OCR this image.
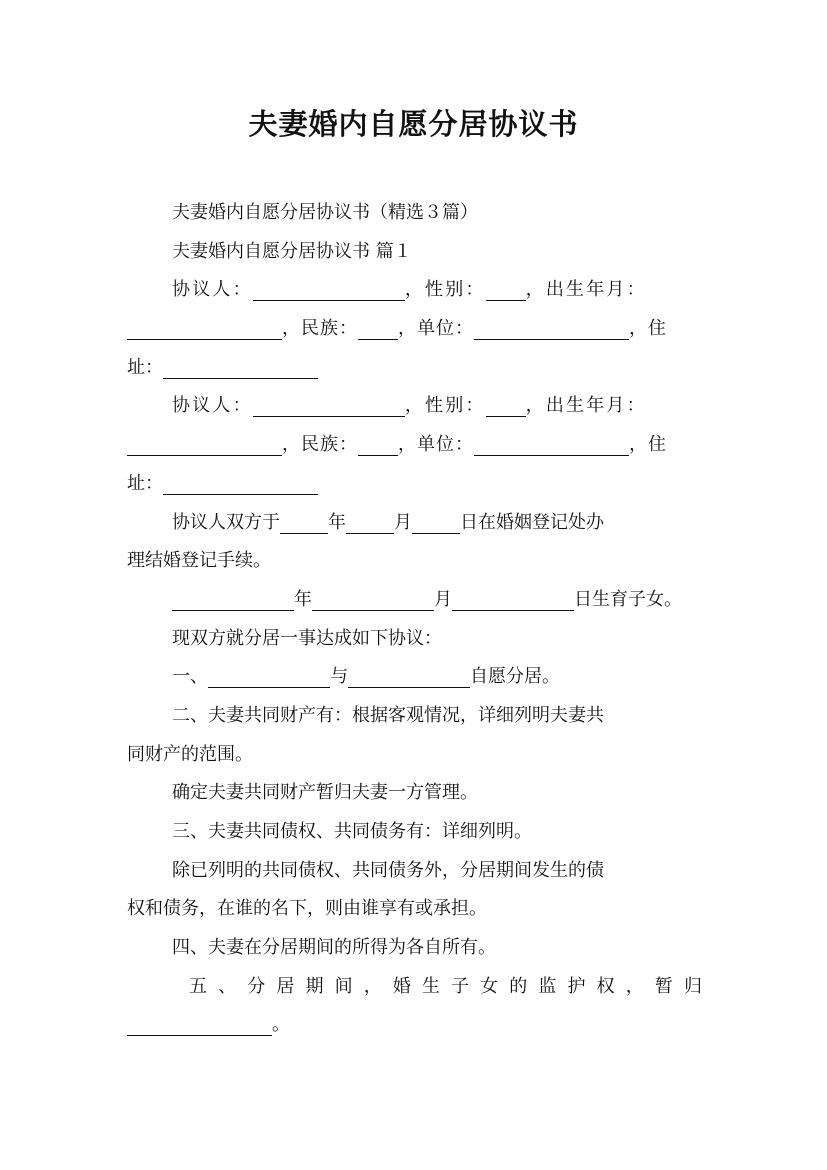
夫妻婚内自愿分居协议书
夫妻婚内自愿分居协议书（精选３篇）
夫妻婚内自愿分居协议书 篇１
协议人：	，性别： ，出生年月：
，民族： ，单位：	，住
址：
协议人：	，性别： ，出生年月：
，民族： ，单位：	，住
址：
协议人双方于	年	月	日在婚姻登记处办
理结婚登记手续。
年	月	日生育子女。
现双方就分居一事达成如下协议：
一、	与	自愿分居。
二、夫妻共同财产有：根据客观情况，详细列明夫妻共
同财产的范围。
确定夫妻共同财产暂归夫妻一方管理。
三、夫妻共同债权、共同债务有：详细列明。
除已列明的共同债权、共同债务外，分居期间发生的债
权和债务，在谁的名下，则由谁享有或承担。
四、夫妻在分居期间的所得为各自所有。
五、分居期间，婚生子女的监护权，暂归
。
